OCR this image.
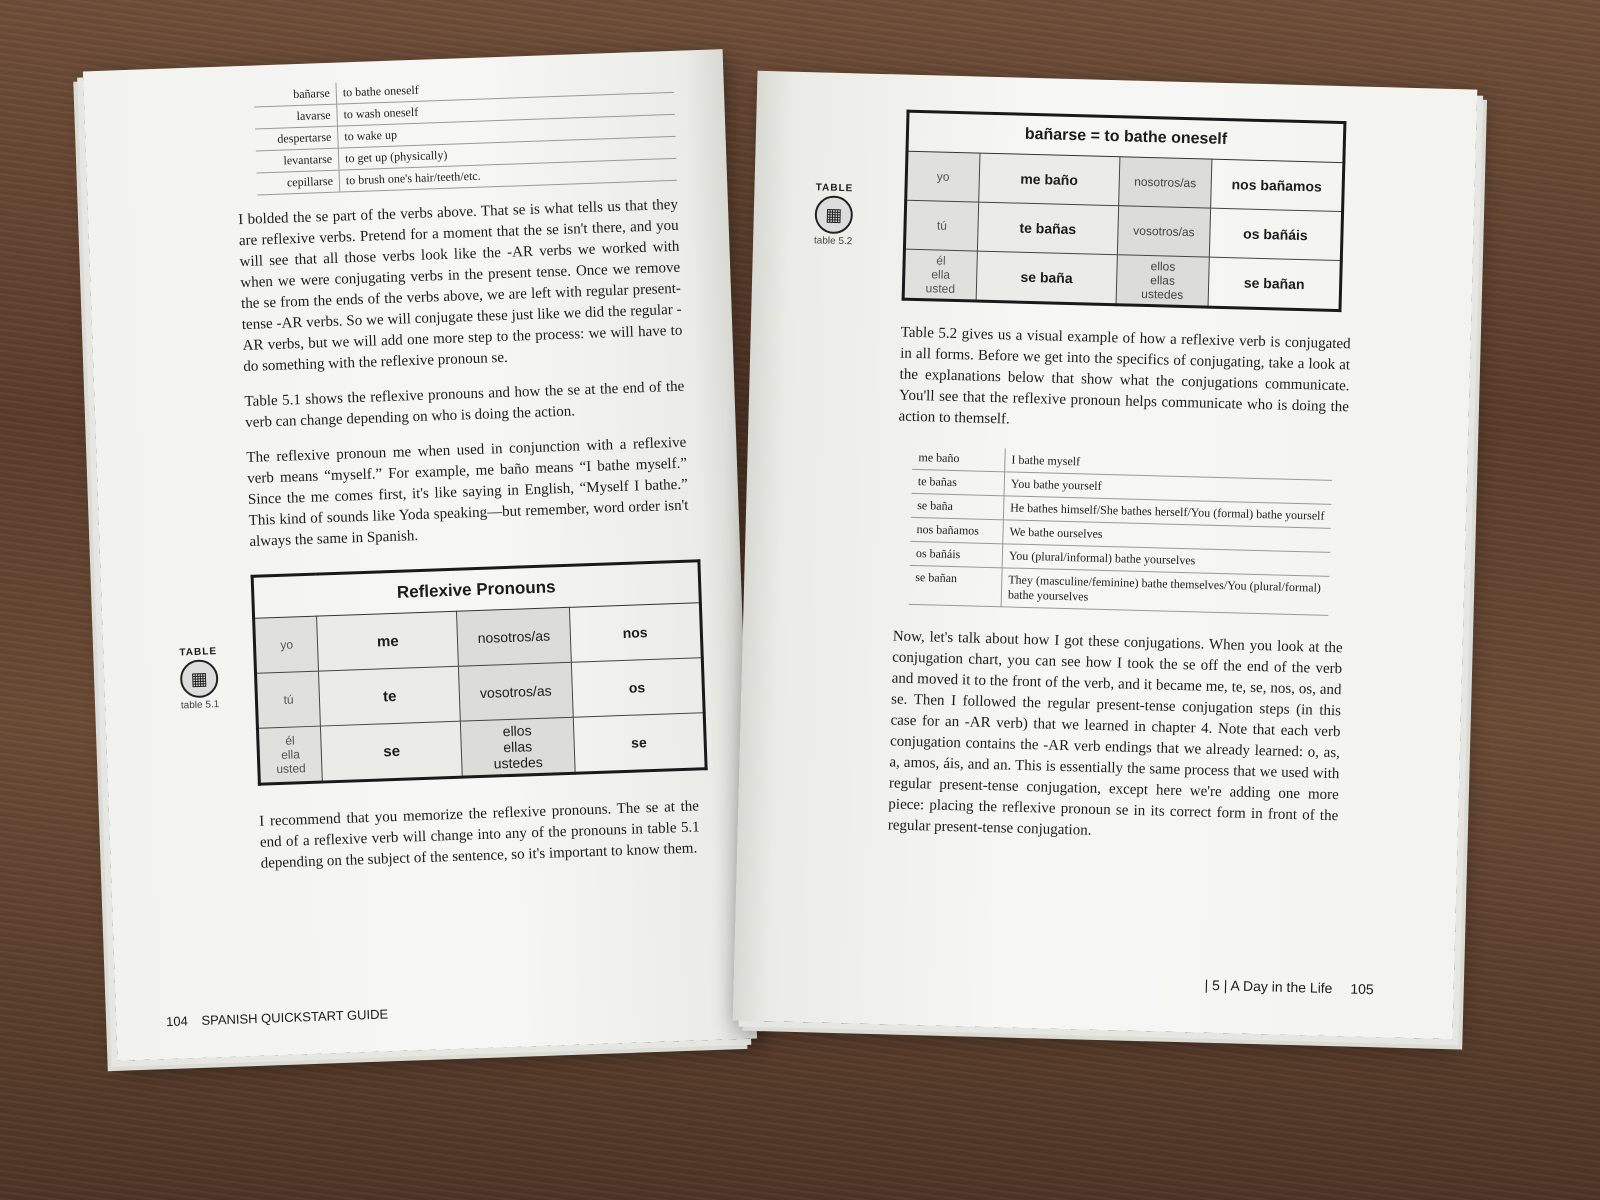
bañarse	to bathe oneself
lavarse	to wash oneself
despertarse	to wake up
levantarse	to get up (physically)
cepillarse	to brush one's hair/teeth/etc.

I bolded the se part of the verbs above. That se is what tells us that they are reflexive verbs. Pretend for a moment that the se isn't there, and you will see that all those verbs look like the -AR verbs we worked with when we were conjugating verbs in the present tense. Once we remove the se from the ends of the verbs above, we are left with regular present-tense -AR verbs. So we will conjugate these just like we did the regular -AR verbs, but we will add one more step to the process: we will have to do something with the reflexive pronoun se.

Table 5.1 shows the reflexive pronouns and how the se at the end of the verb can change depending on who is doing the action.

The reflexive pronoun me when used in conjunction with a reflexive verb means “myself.” For example, me baño means “I bathe myself.” Since the me comes first, it's like saying in English, “Myself I bathe.” This kind of sounds like Yoda speaking—but remember, word order isn't always the same in Spanish.

TABLE
▦
table 5.1
Reflexive Pronouns			
yo	me	nosotros/as	nos
tú	te	vosotros/as	os
él
ella
usted	se	ellos
ellas
ustedes	se

I recommend that you memorize the reflexive pronouns. The se at the end of a reflexive verb will change into any of the pronouns in table 5.1 depending on the subject of the sentence, so it's important to know them.

104 SPANISH QUICKSTART GUIDE
TABLE
▦
table 5.2
bañarse = to bathe oneself			
yo	me baño	nosotros/as	nos bañamos
tú	te bañas	vosotros/as	os bañáis
él
ella
usted	se baña	ellos
ellas
ustedes	se bañan

Table 5.2 gives us a visual example of how a reflexive verb is conjugated in all forms. Before we get into the specifics of conjugating, take a look at the explanations below that show what the conjugations communicate. You'll see that the reflexive pronoun helps communicate who is doing the action to themself.

me baño	I bathe myself
te bañas	You bathe yourself
se baña	He bathes himself/She bathes herself/You (formal) bathe yourself
nos bañamos	We bathe ourselves
os bañáis	You (plural/informal) bathe yourselves
se bañan	They (masculine/feminine) bathe themselves/You (plural/formal) bathe yourselves

Now, let's talk about how I got these conjugations. When you look at the conjugation chart, you can see how I took the se off the end of the verb and moved it to the front of the verb, and it became me, te, se, nos, os, and se. Then I followed the regular present-tense conjugation steps (in this case for an -AR verb) that we learned in chapter 4. Note that each verb conjugation contains the -AR verb endings that we already learned: o, as, a, amos, áis, and an. This is essentially the same process that we used with regular present-tense conjugation, except here we're adding one more piece: placing the reflexive pronoun se in its correct form in front of the regular present-tense conjugation.

| 5 | A Day in the Life 105
